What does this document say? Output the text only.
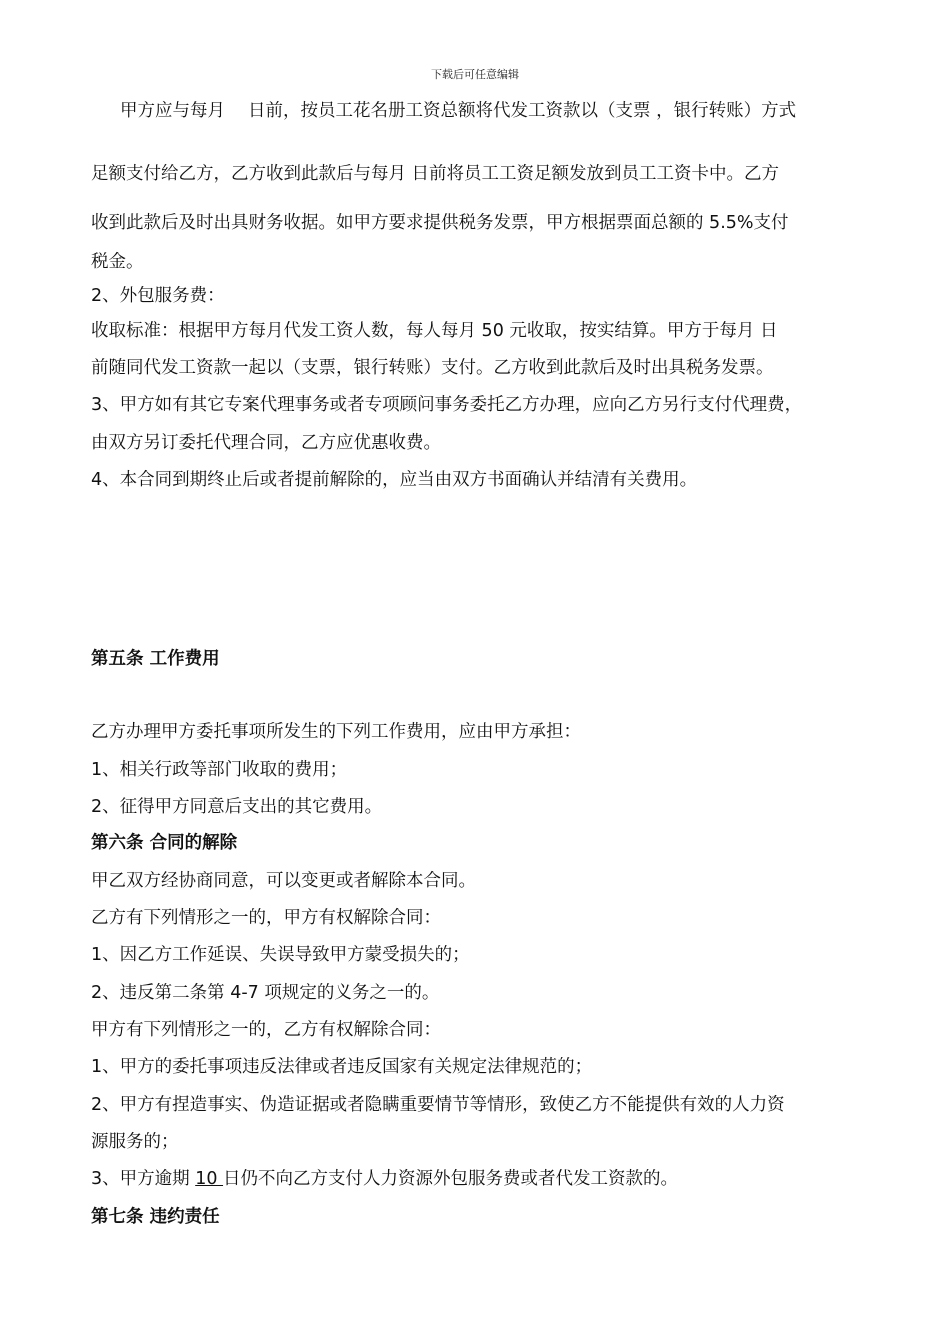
下载后可任意编辑
甲方应与每月　 日前，按员工花名册工资总额将代发工资款以（支票 ，银行转账）方式
足额支付给乙方，乙方收到此款后与每月 日前将员工工资足额发放到员工工资卡中。乙方
收到此款后及时出具财务收据。如甲方要求提供税务发票，甲方根据票面总额的 5.5%支付
税金。
2、外包服务费：
收取标准：根据甲方每月代发工资人数，每人每月 50 元收取，按实结算。甲方于每月 日
前随同代发工资款一起以（支票，银行转账）支付。乙方收到此款后及时出具税务发票。
3、甲方如有其它专案代理事务或者专项顾问事务委托乙方办理，应向乙方另行支付代理费，
由双方另订委托代理合同，乙方应优惠收费。
4、本合同到期终止后或者提前解除的，应当由双方书面确认并结清有关费用。
第五条 工作费用
乙方办理甲方委托事项所发生的下列工作费用，应由甲方承担：
1、相关行政等部门收取的费用；
2、征得甲方同意后支出的其它费用。
第六条 合同的解除
甲乙双方经协商同意，可以变更或者解除本合同。
乙方有下列情形之一的，甲方有权解除合同：
1、因乙方工作延误、失误导致甲方蒙受损失的；
2、违反第二条第 4-7 项规定的义务之一的。
甲方有下列情形之一的，乙方有权解除合同：
1、甲方的委托事项违反法律或者违反国家有关规定法律规范的；
2、甲方有捏造事实、伪造证据或者隐瞒重要情节等情形，致使乙方不能提供有效的人力资
源服务的；
3、甲方逾期 10 日仍不向乙方支付人力资源外包服务费或者代发工资款的。
第七条 违约责任
